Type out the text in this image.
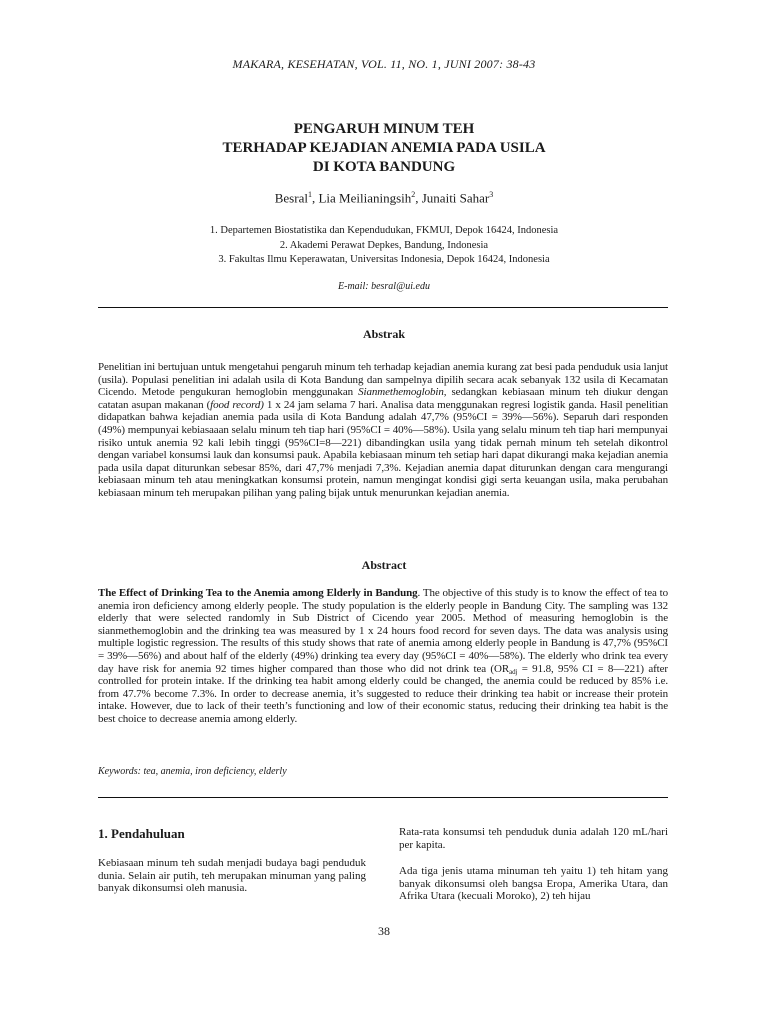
MAKARA, KESEHATAN, VOL. 11, NO. 1, JUNI 2007: 38-43
PENGARUH MINUM TEH
TERHADAP KEJADIAN ANEMIA PADA USILA
DI KOTA BANDUNG
Besral$^1$, Lia Meilianingsih$^2$, Junaiti Sahar$^3$
1. Departemen Biostatistika dan Kependudukan, FKMUI, Depok 16424, Indonesia
2. Akademi Perawat Depkes, Bandung, Indonesia
3. Fakultas Ilmu Keperawatan, Universitas Indonesia, Depok 16424, Indonesia
E-mail: besral@ui.edu
Abstrak
Penelitian ini bertujuan untuk mengetahui pengaruh minum teh terhadap kejadian anemia kurang zat besi pada penduduk usia lanjut (usila). Populasi penelitian ini adalah usila di Kota Bandung dan sampelnya dipilih secara acak sebanyak 132 usila di Kecamatan Cicendo. Metode pengukuran hemoglobin menggunakan Sianmethemoglobin, sedangkan kebiasaan minum teh diukur dengan catatan asupan makanan (food record) 1 x 24 jam selama 7 hari. Analisa data menggunakan regresi logistik ganda. Hasil penelitian didapatkan bahwa kejadian anemia pada usila di Kota Bandung adalah 47,7% (95%CI = 39%—56%). Separuh dari responden (49%) mempunyai kebiasaaan selalu minum teh tiap hari (95%CI = 40%—58%). Usila yang selalu minum teh tiap hari mempunyai risiko untuk anemia 92 kali lebih tinggi (95%CI=8—221) dibandingkan usila yang tidak pernah minum teh setelah dikontrol dengan variabel konsumsi lauk dan konsumsi pauk. Apabila kebiasaan minum teh setiap hari dapat dikurangi maka kejadian anemia pada usila dapat diturunkan sebesar 85%, dari 47,7% menjadi 7,3%. Kejadian anemia dapat diturunkan dengan cara mengurangi kebiasaan minum teh atau meningkatkan konsumsi protein, namun mengingat kondisi gigi serta keuangan usila, maka perubahan kebiasaan minum teh merupakan pilihan yang paling bijak untuk menurunkan kejadian anemia.
Abstract
The Effect of Drinking Tea to the Anemia among Elderly in Bandung. The objective of this study is to know the effect of tea to anemia iron deficiency among elderly people. The study population is the elderly people in Bandung City. The sampling was 132 elderly that were selected randomly in Sub District of Cicendo year 2005. Method of measuring hemoglobin is the sianmethemoglobin and the drinking tea was measured by 1 x 24 hours food record for seven days. The data was analysis using multiple logistic regression. The results of this study shows that rate of anemia among elderly people in Bandung is 47,7% (95%CI = 39%—56%) and about half of the elderly (49%) drinking tea every day (95%CI = 40%—58%). The elderly who drink tea every day have risk for anemia 92 times higher compared than those who did not drink tea ($OR_{adj} = 91.8$, 95% CI = 8—221) after controlled for protein intake. If the drinking tea habit among elderly could be changed, the anemia could be reduced by 85% i.e. from 47.7% become 7.3%. In order to decrease anemia, it’s suggested to reduce their drinking tea habit or increase their protein intake. However, due to lack of their teeth’s functioning and low of their economic status, reducing their drinking tea habit is the best choice to decrease anemia among elderly.
Keywords: tea, anemia, iron deficiency, elderly
1. Pendahuluan
Kebiasaan minum teh sudah menjadi budaya bagi penduduk dunia. Selain air putih, teh merupakan minuman yang paling banyak dikonsumsi oleh manusia.
Rata-rata konsumsi teh penduduk dunia adalah 120 mL/hari per kapita.
Ada tiga jenis utama minuman teh yaitu 1) teh hitam yang banyak dikonsumsi oleh bangsa Eropa, Amerika Utara, dan Afrika Utara (kecuali Moroko), 2) teh hijau
38
